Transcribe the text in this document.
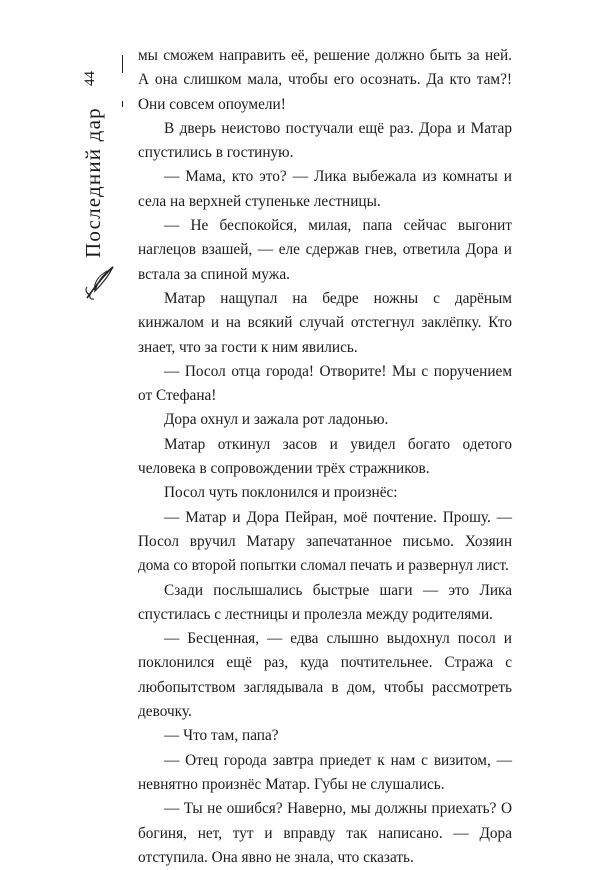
44
Последний дар

мы сможем направить её, решение должно быть за ней. А она слишком мала, чтобы его осознать. Да кто там?! Они совсем опоумели!

В дверь неистово постучали ещё раз. Дора и Матар спустились в гостиную.

— Мама, кто это? — Лика выбежала из комнаты и села на верхней ступеньке лестницы.

— Не беспокойся, милая, папа сейчас выгонит наглецов взашей, — еле сдержав гнев, ответила Дора и встала за спиной мужа.

Матар нащупал на бедре ножны с дарёным кинжалом и на всякий случай отстегнул заклёпку. Кто знает, что за гости к ним явились.

— Посол отца города! Отворите! Мы с поручением от Стефана!

Дора охнул и зажала рот ладонью.

Матар откинул засов и увидел богато одетого человека в сопровождении трёх стражников.

Посол чуть поклонился и произнёс:

— Матар и Дора Пейран, моё почтение. Прошу. — Посол вручил Матару запечатанное письмо. Хозяин дома со второй попытки сломал печать и развернул лист.

Сзади послышались быстрые шаги — это Лика спустилась с лестницы и пролезла между родителями.

— Бесценная, — едва слышно выдохнул посол и поклонился ещё раз, куда почтительнее. Стража с любопытством заглядывала в дом, чтобы рассмотреть девочку.

— Что там, папа?

— Отец города завтра приедет к нам с визитом, — невнятно произнёс Матар. Губы не слушались.

— Ты не ошибся? Наверно, мы должны приехать? О богиня, нет, тут и вправду так написано. — Дора отступила. Она явно не знала, что сказать.
